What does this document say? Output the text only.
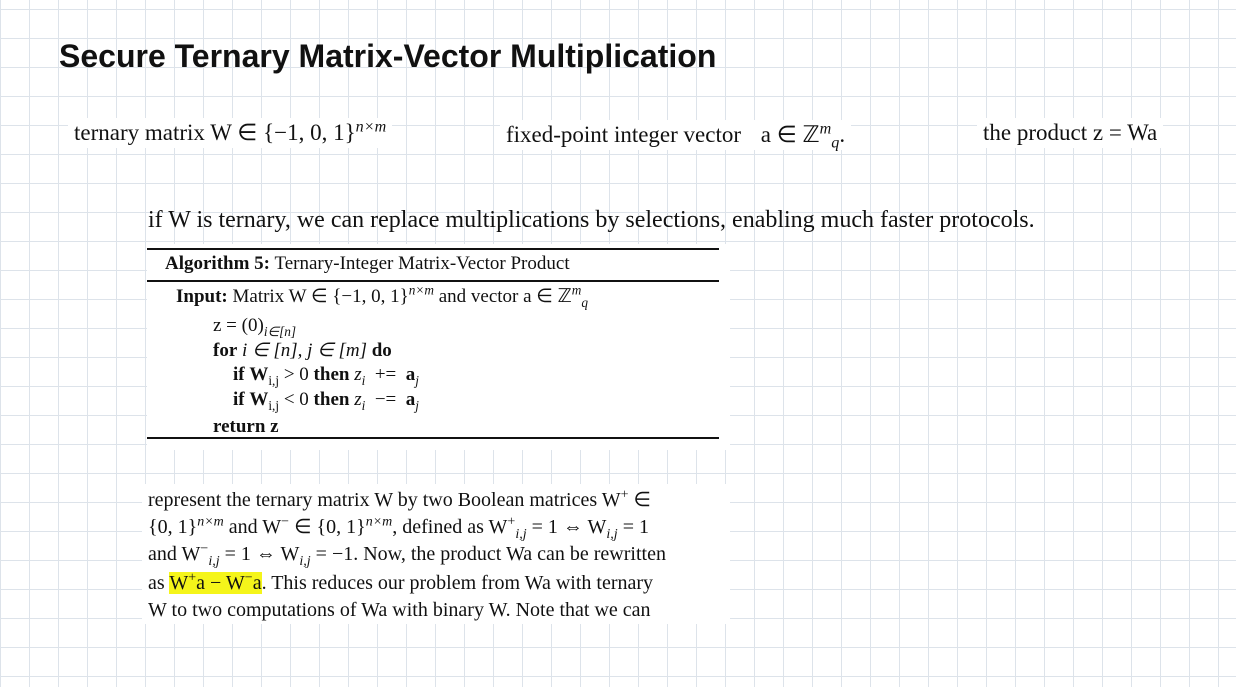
Secure Ternary Matrix-Vector Multiplication
ternary matrix W ∈ {−1, 0, 1}$^{n\times m}$	fixed-point integer vector a ∈ ℤ$^m_q$.	the product z = Wa
if W is ternary, we can replace multiplications by selections, enabling much faster protocols.
Algorithm 5: Ternary-Integer Matrix-Vector Product
Input: Matrix W ∈ {−1, 0, 1}$^{n\times m}$ and vector a ∈ ℤ$^m_q$
$z = (0)_{i\in[n]}$
for i ∈ [n], j ∈ [m] do
if $W_{i,j} > 0$ then $z_i += a_j$
if $W_{i,j} < 0$ then $z_i -= a_j$
return z
represent the ternary matrix W by two Boolean matrices W+ ∈
{0, 1}$^{n\times m}$ and W− ∈ {0, 1}$^{n\times m}$, defined as $W^+_{i,j} = 1$ ⇔ $W_{i,j} = 1$
and $W^-_{i,j} = 1$ ⇔ $W_{i,j} = -1$. Now, the product Wa can be rewritten
as W+a − W−a. This reduces our problem from Wa with ternary
W to two computations of Wa with binary W. Note that we can
